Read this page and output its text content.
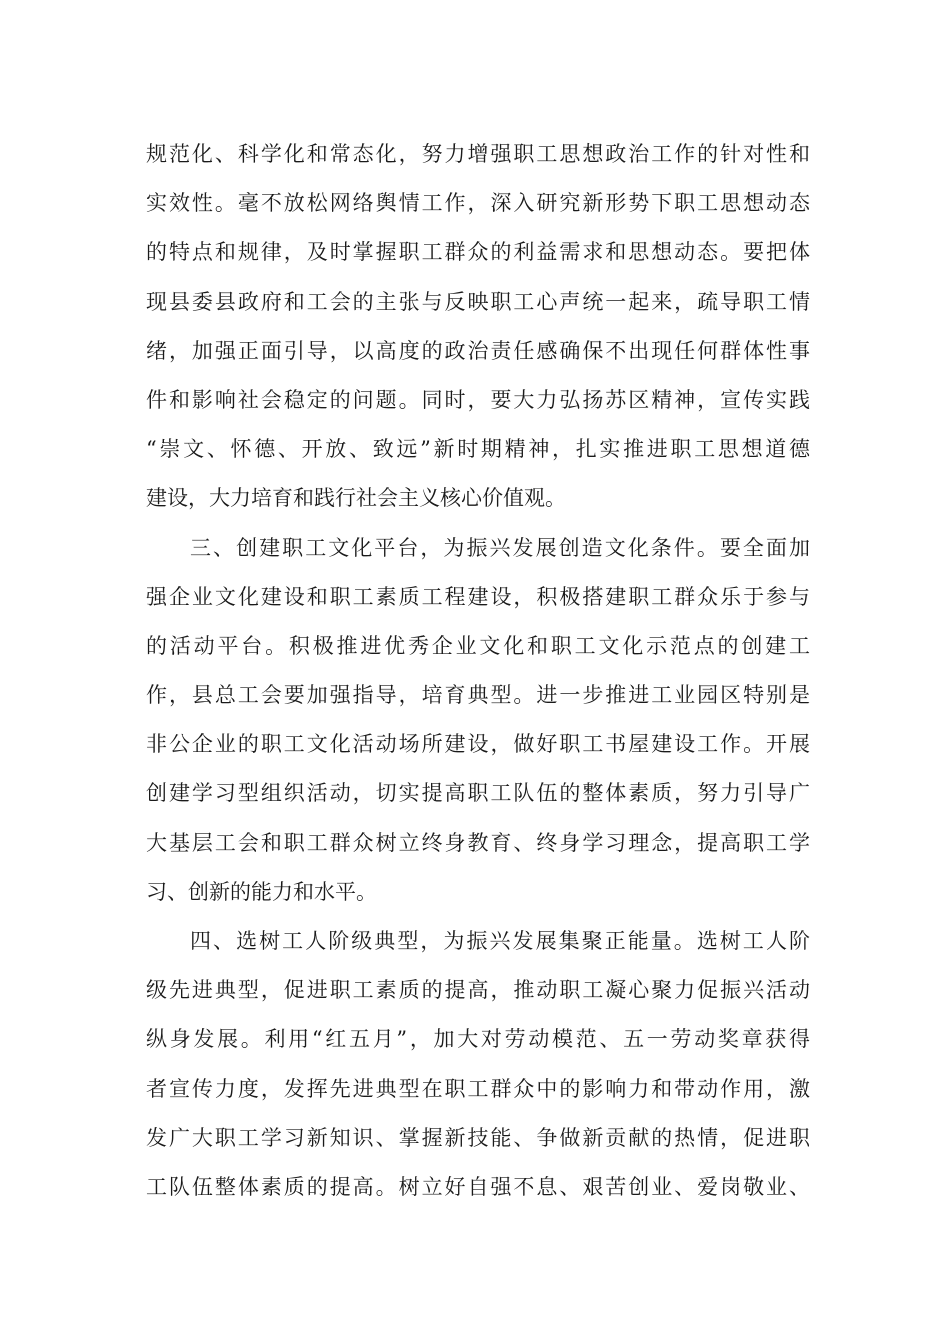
规范化、科学化和常态化，努力增强职工思想政治工作的针对性和
实效性。毫不放松网络舆情工作，深入研究新形势下职工思想动态
的特点和规律，及时掌握职工群众的利益需求和思想动态。要把体
现县委县政府和工会的主张与反映职工心声统一起来，疏导职工情
绪，加强正面引导，以高度的政治责任感确保不出现任何群体性事
件和影响社会稳定的问题。同时，要大力弘扬苏区精神，宣传实践
“崇文、怀德、开放、致远”新时期精神，扎实推进职工思想道德
建设，大力培育和践行社会主义核心价值观。
三、创建职工文化平台，为振兴发展创造文化条件。要全面加
强企业文化建设和职工素质工程建设，积极搭建职工群众乐于参与
的活动平台。积极推进优秀企业文化和职工文化示范点的创建工
作，县总工会要加强指导，培育典型。进一步推进工业园区特别是
非公企业的职工文化活动场所建设，做好职工书屋建设工作。开展
创建学习型组织活动，切实提高职工队伍的整体素质，努力引导广
大基层工会和职工群众树立终身教育、终身学习理念，提高职工学
习、创新的能力和水平。
四、选树工人阶级典型，为振兴发展集聚正能量。选树工人阶
级先进典型，促进职工素质的提高，推动职工凝心聚力促振兴活动
纵身发展。利用“红五月”，加大对劳动模范、五一劳动奖章获得
者宣传力度，发挥先进典型在职工群众中的影响力和带动作用，激
发广大职工学习新知识、掌握新技能、争做新贡献的热情，促进职
工队伍整体素质的提高。树立好自强不息、艰苦创业、爱岗敬业、
